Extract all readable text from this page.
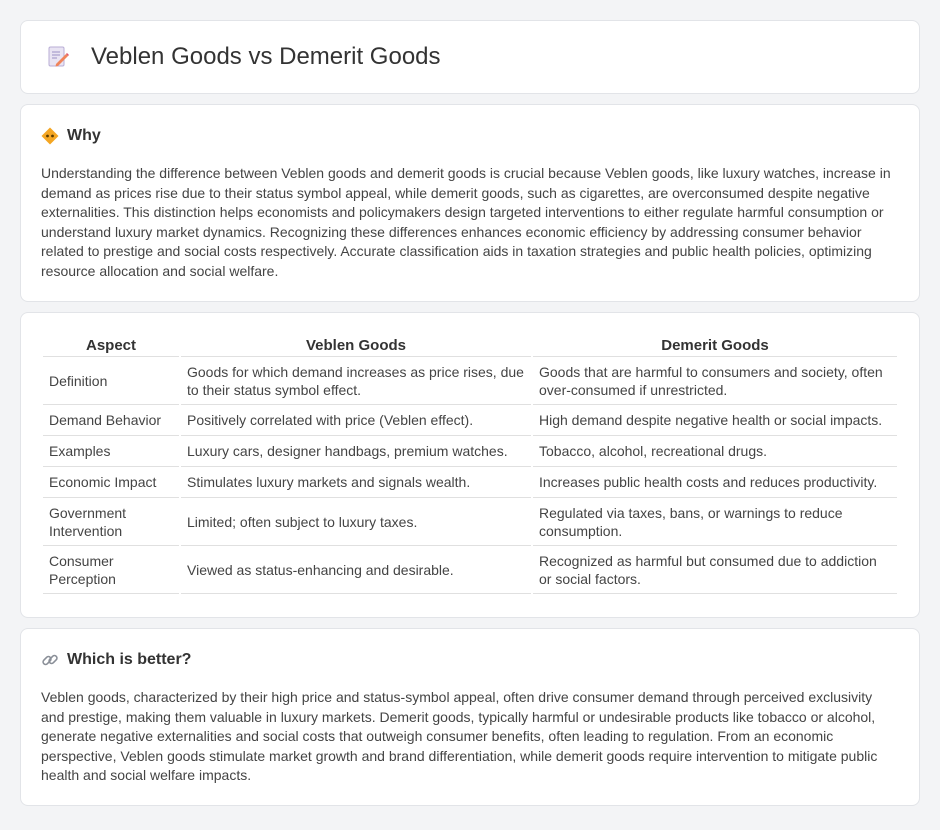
Veblen Goods vs Demerit Goods
Why

Understanding the difference between Veblen goods and demerit goods is crucial because Veblen goods, like luxury watches, increase in demand as prices rise due to their status symbol appeal, while demerit goods, such as cigarettes, are overconsumed despite negative externalities. This distinction helps economists and policymakers design targeted interventions to either regulate harmful consumption or understand luxury market dynamics. Recognizing these differences enhances economic efficiency by addressing consumer behavior related to prestige and social costs respectively. Accurate classification aids in taxation strategies and public health policies, optimizing resource allocation and social welfare.

Aspect	Veblen Goods	Demerit Goods
Definition	Goods for which demand increases as price rises, due to their status symbol effect.	Goods that are harmful to consumers and society, often over-consumed if unrestricted.
Demand Behavior	Positively correlated with price (Veblen effect).	High demand despite negative health or social impacts.
Examples	Luxury cars, designer handbags, premium watches.	Tobacco, alcohol, recreational drugs.
Economic Impact	Stimulates luxury markets and signals wealth.	Increases public health costs and reduces productivity.
Government Intervention	Limited; often subject to luxury taxes.	Regulated via taxes, bans, or warnings to reduce consumption.
Consumer Perception	Viewed as status-enhancing and desirable.	Recognized as harmful but consumed due to addiction or social factors.
Which is better?

Veblen goods, characterized by their high price and status-symbol appeal, often drive consumer demand through perceived exclusivity and prestige, making them valuable in luxury markets. Demerit goods, typically harmful or undesirable products like tobacco or alcohol, generate negative externalities and social costs that outweigh consumer benefits, often leading to regulation. From an economic perspective, Veblen goods stimulate market growth and brand differentiation, while demerit goods require intervention to mitigate public health and social welfare impacts.
